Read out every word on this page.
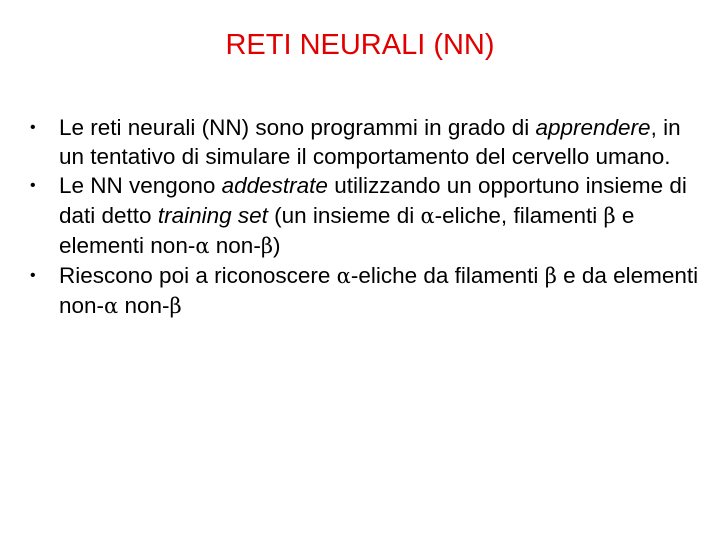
RETI NEURALI (NN)
• Le reti neurali (NN) sono programmi in grado di apprendere, in un tentativo di simulare il comportamento del cervello umano.
• Le NN vengono addestrate utilizzando un opportuno insieme di dati detto training set (un insieme di α-eliche, filamenti β e elementi non-α non-β)
• Riescono poi a riconoscere α-eliche da filamenti β e da elementi non-α non-β
